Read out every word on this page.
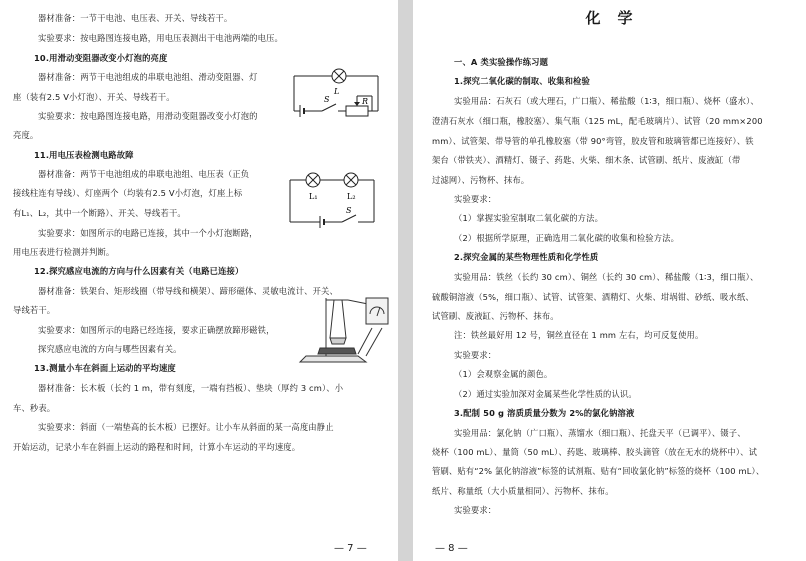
器材准备：一节干电池、电压表、开关、导线若干。
实验要求：按电路图连接电路，用电压表测出干电池两端的电压。
10.用滑动变阻器改变小灯泡的亮度
器材准备：两节干电池组成的串联电池组、滑动变阻器、灯
座（装有2.5 V小灯泡）、开关、导线若干。
实验要求：按电路图连接电路，用滑动变阻器改变小灯泡的
亮度。
L
S	R
11.用电压表检测电路故障
器材准备：两节干电池组成的串联电池组、电压表（正负
接线柱连有导线）、灯座两个（均装有2.5 V小灯泡，灯座上标
有L₁、L₂，其中一个断路）、开关、导线若干。
实验要求：如图所示的电路已连接，其中一个小灯泡断路，
用电压表进行检测并判断。
L₁	L₂
S
12.探究感应电流的方向与什么因素有关（电路已连接）
器材准备：铁架台、矩形线圈（带导线和横架）、蹄形磁体、灵敏电流计、开关、
导线若干。
实验要求：如图所示的电路已经连接，要求正确摆放蹄形磁铁，
探究感应电流的方向与哪些因素有关。
13.测量小车在斜面上运动的平均速度
器材准备：长木板（长约 1 m，带有刻度，一端有挡板）、垫块（厚约 3 cm）、小
车、秒表。
实验要求：斜面（一端垫高的长木板）已摆好。让小车从斜面的某一高度由静止
开始运动，记录小车在斜面上运动的路程和时间，计算小车运动的平均速度。
— 7 —
化　学
一、A 类实验操作练习题
1.探究二氧化碳的制取、收集和检验
实验用品：石灰石（或大理石，广口瓶）、稀盐酸（1∶3，细口瓶）、烧杯（盛水）、
澄清石灰水（细口瓶，橡胶塞）、集气瓶（125 mL，配毛玻璃片）、试管（20 mm×200
mm）、试管架、带导管的单孔橡胶塞（带 90°弯管，胶皮管和玻璃管都已连接好）、铁
架台（带铁夹）、酒精灯、镊子、药匙、火柴、细木条、试管刷、纸片、废液缸（带
过滤网）、污物杯、抹布。
实验要求：
（1）掌握实验室制取二氧化碳的方法。
（2）根据所学原理，正确选用二氧化碳的收集和检验方法。
2.探究金属的某些物理性质和化学性质
实验用品：铁丝（长约 30 cm）、铜丝（长约 30 cm）、稀盐酸（1∶3，细口瓶）、
硫酸铜溶液（5%，细口瓶）、试管、试管架、酒精灯、火柴、坩埚钳、砂纸、吸水纸、
试管刷、废液缸、污物杯、抹布。
注：铁丝最好用 12 号，铜丝直径在 1 mm 左右，均可反复使用。
实验要求：
（1）会观察金属的颜色。
（2）通过实验加深对金属某些化学性质的认识。
3.配制 50 g 溶质质量分数为 2%的氯化钠溶液
实验用品：氯化钠（广口瓶）、蒸馏水（细口瓶）、托盘天平（已调平）、镊子、
烧杯（100 mL）、量筒（50 mL）、药匙、玻璃棒、胶头滴管（放在无水的烧杯中）、试
管刷、贴有“2% 氯化钠溶液”标签的试剂瓶、贴有“回收氯化钠”标签的烧杯（100 mL）、
纸片、称量纸（大小质量相同）、污物杯、抹布。
实验要求：
— 8 —
